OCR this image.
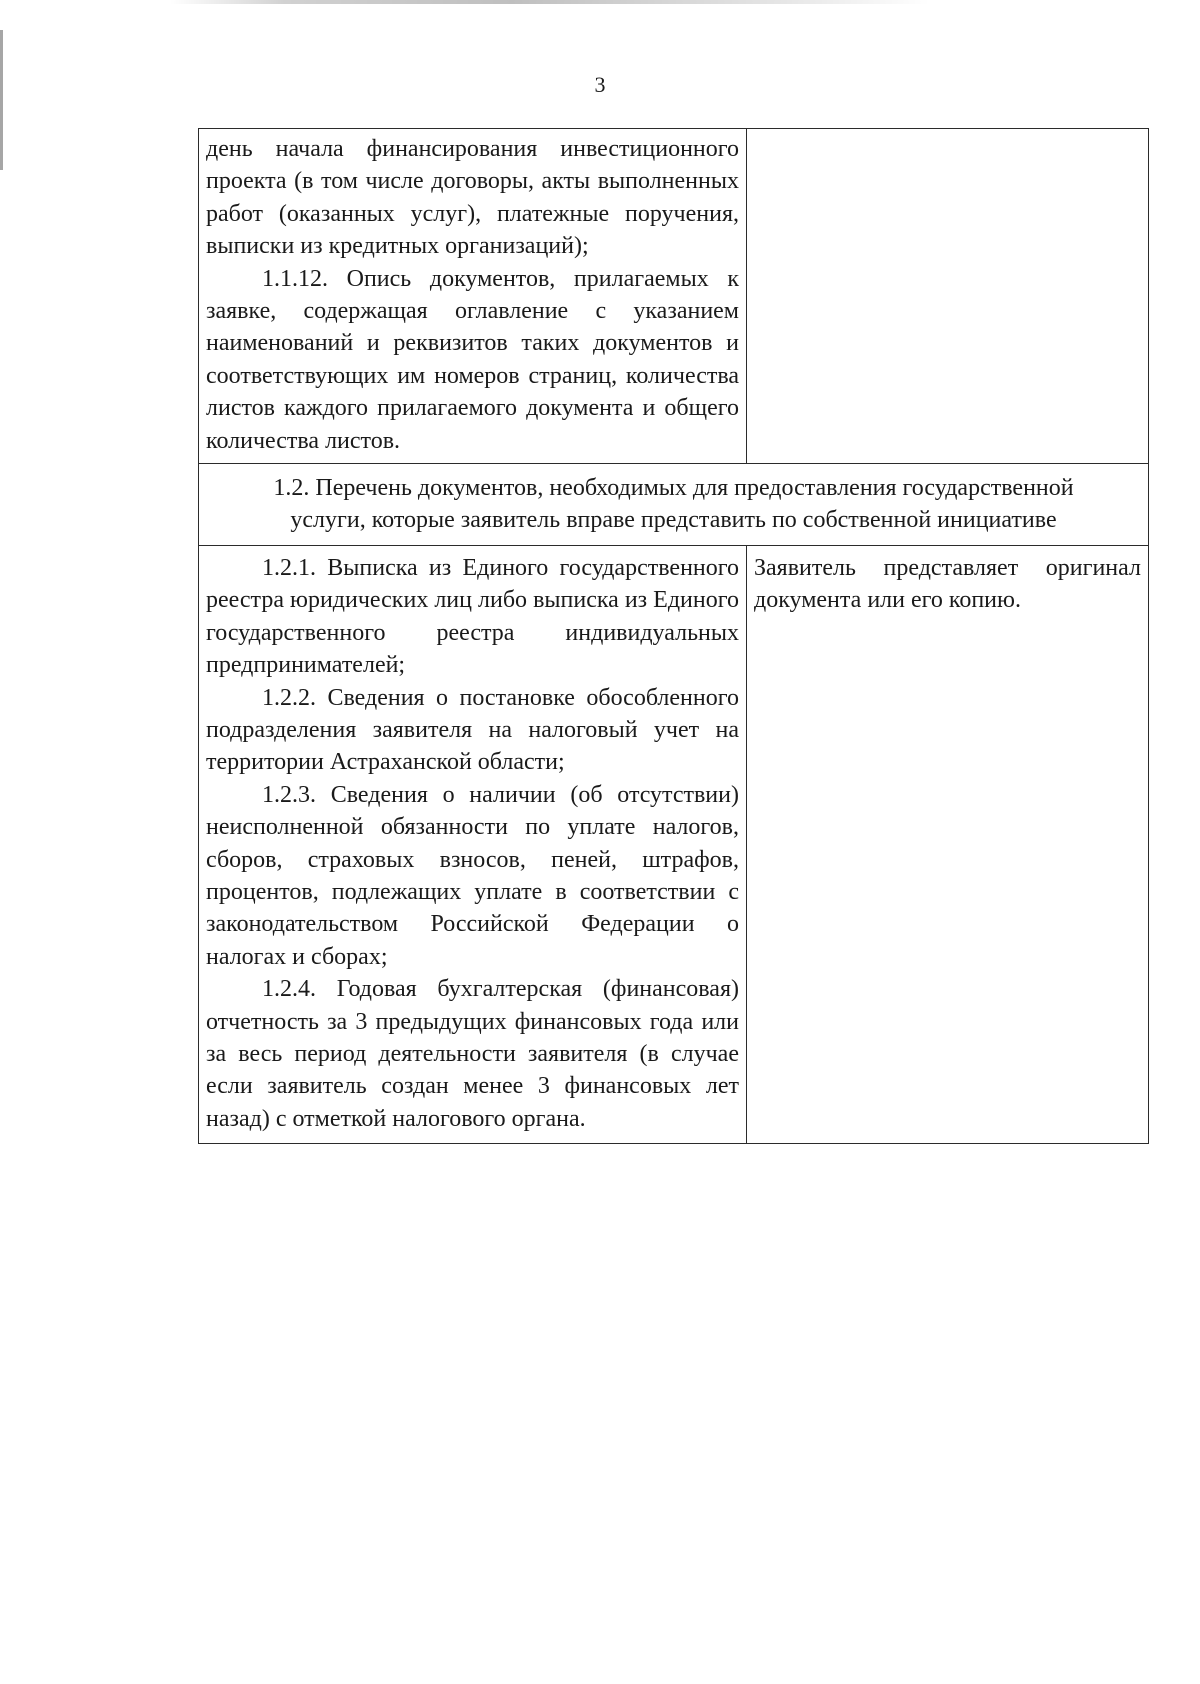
3

день начала финансирования инвестиционного проекта (в том числе договоры, акты выполненных работ (оказанных услуг), платежные поручения, выписки из кредитных организаций);

1.1.12. Опись документов, прилагаемых к заявке, содержащая оглавление с указанием наименований и реквизитов таких документов и соответствующих им номеров страниц, количества листов каждого прилагаемого документа и общего количества листов.	

1.2. Перечень документов, необходимых для предоставления государственной услуги, которые заявитель вправе представить по собственной инициативе	

1.2.1. Выписка из Единого государственного реестра юридических лиц либо выписка из Единого государственного реестра индивидуальных предпринимателей;

1.2.2. Сведения о постановке обособленного подразделения заявителя на налоговый учет на территории Астраханской области;

1.2.3. Сведения о наличии (об отсутствии) неисполненной обязанности по уплате налогов, сборов, страховых взносов, пеней, штрафов, процентов, подлежащих уплате в соответствии с законодательством Российской Федерации о налогах и сборах;

1.2.4. Годовая бухгалтерская (финансовая) отчетность за 3 предыдущих финансовых года или за весь период деятельности заявителя (в случае если заявитель создан менее 3 финансовых лет назад) с отметкой налогового органа.	Заявитель представляет оригинал документа или его копию.
